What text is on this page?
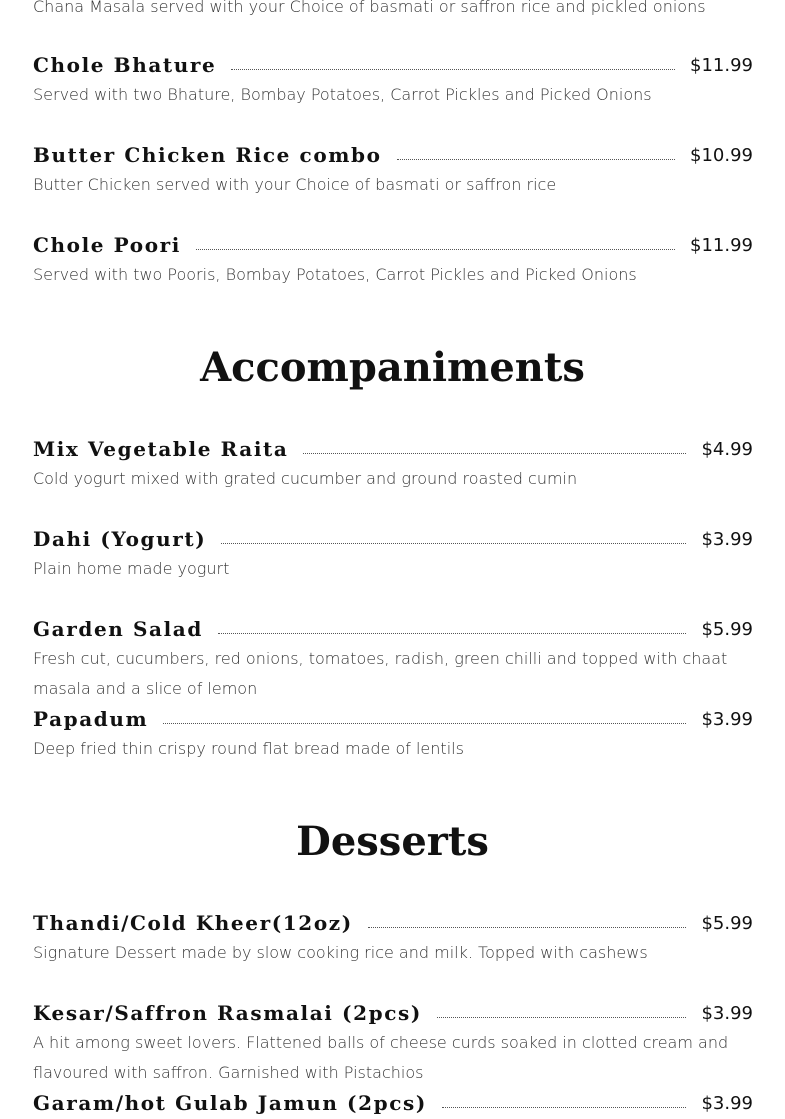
Chana Masala served with your Choice of basmati or saffron rice and pickled onions
Chole Bhature	$11.99
Served with two Bhature, Bombay Potatoes, Carrot Pickles and Picked Onions
Butter Chicken Rice combo	$10.99
Butter Chicken served with your Choice of basmati or saffron rice
Chole Poori	$11.99
Served with two Pooris, Bombay Potatoes, Carrot Pickles and Picked Onions
Accompaniments
Mix Vegetable Raita	$4.99
Cold yogurt mixed with grated cucumber and ground roasted cumin
Dahi (Yogurt)	$3.99
Plain home made yogurt
Garden Salad	$5.99
Fresh cut, cucumbers, red onions, tomatoes, radish, green chilli and topped with chaat masala and a slice of lemon
Papadum	$3.99
Deep fried thin crispy round flat bread made of lentils
Desserts
Thandi/Cold Kheer(12oz)	$5.99
Signature Dessert made by slow cooking rice and milk. Topped with cashews
Kesar/Saffron Rasmalai (2pcs)	$3.99
A hit among sweet lovers. Flattened balls of cheese curds soaked in clotted cream and flavoured with saffron. Garnished with Pistachios
Garam/hot Gulab Jamun (2pcs)	$3.99
